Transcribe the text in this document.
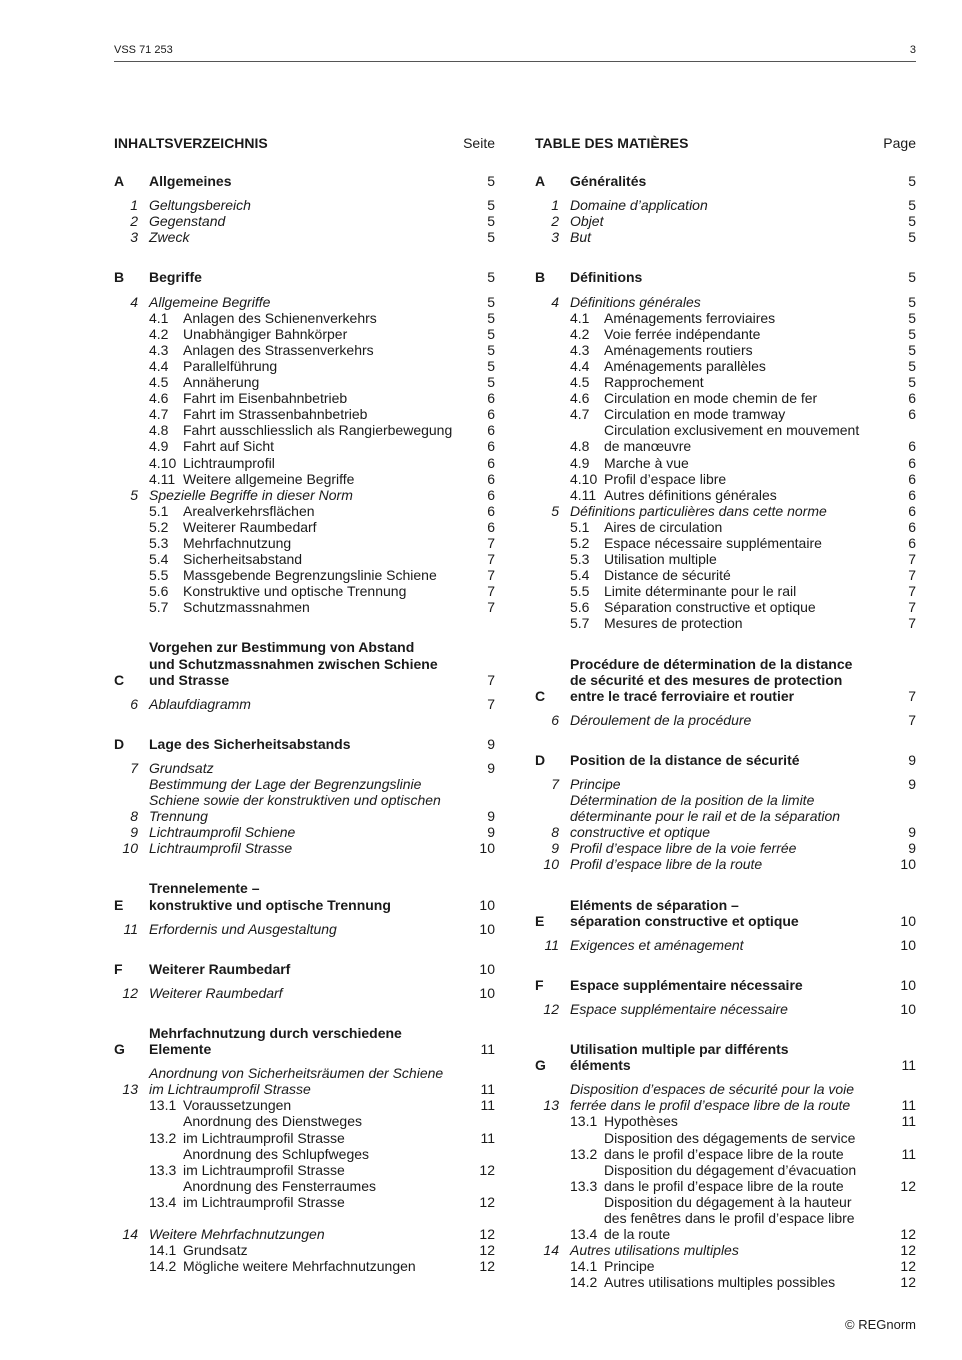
VSS 71 253	3
INHALTSVERZEICHNIS	Seite
A	Allgemeines	5
1 Geltungsbereich	5
2 Gegenstand	5
3 Zweck	5
B	Begriffe	5
4 Allgemeine Begriffe	5
4.1	Anlagen des Schienenverkehrs	5
4.2	Unabhängiger Bahnkörper	5
4.3	Anlagen des Strassenverkehrs	5
4.4	Parallelführung	5
4.5	Annäherung	5
4.6	Fahrt im Eisenbahnbetrieb	6
4.7	Fahrt im Strassenbahnbetrieb	6
4.8	Fahrt ausschliesslich als Rangierbewegung	6
4.9	Fahrt auf Sicht	6
4.10 Lichtraumprofil	6
4.11 Weitere allgemeine Begriffe	6
5 Spezielle Begriffe in dieser Norm	6
5.1	Arealverkehrsflächen	6
5.2	Weiterer Raumbedarf	6
5.3	Mehrfachnutzung	7
5.4	Sicherheitsabstand	7
5.5	Massgebende Begrenzungslinie Schiene	7
5.6	Konstruktive und optische Trennung	7
5.7	Schutzmassnahmen	7
C
Vorgehen zur Bestimmung von Abstand
und Schutzmassnahmen zwischen Schiene
und Strasse	7
6 Ablaufdiagramm	7
D	Lage des Sicherheitsabstands	9
7 Grundsatz	9
8
Bestimmung der Lage der Begrenzungslinie
Schiene sowie der konstruktiven und optischen
Trennung	9
9 Lichtraumprofil Schiene	9
10 Lichtraumprofil Strasse	10
E
Trennelemente –
konstruktive und optische Trennung	10
11 Erfordernis und Ausgestaltung	10
F	Weiterer Raumbedarf	10
12 Weiterer Raumbedarf	10
G
Mehrfachnutzung durch verschiedene
Elemente	11
13
Anordnung von Sicherheitsräumen der Schiene
im Lichtraumprofil Strasse	11
13.1 Voraussetzungen	11
13.2
Anordnung des Dienstweges
im Lichtraumprofil Strasse	11
13.3
Anordnung des Schlupfweges
im Lichtraumprofil Strasse	12
13.4
Anordnung des Fensterraumes
im Lichtraumprofil Strasse	12
14 Weitere Mehrfachnutzungen	12
14.1 Grundsatz	12
14.2 Mögliche weitere Mehrfachnutzungen	12
TABLE DES MATIÈRES	Page
A	Généralités	5
1 Domaine d’application	5
2 Objet	5
3 But	5
B	Définitions	5
4 Définitions générales	5
4.1	Aménagements ferroviaires	5
4.2	Voie ferrée indépendante	5
4.3	Aménagements routiers	5
4.4	Aménagements parallèles	5
4.5	Rapprochement	5
4.6	Circulation en mode chemin de fer	6
4.7	Circulation en mode tramway	6
4.8
Circulation exclusivement en mouvement
de manœuvre	6
4.9	Marche à vue	6
4.10 Profil d’espace libre	6
4.11 Autres définitions générales	6
5 Définitions particulières dans cette norme	6
5.1	Aires de circulation	6
5.2	Espace nécessaire supplémentaire	6
5.3	Utilisation multiple	7
5.4	Distance de sécurité	7
5.5	Limite déterminante pour le rail	7
5.6	Séparation constructive et optique	7
5.7	Mesures de protection	7
C
Procédure de détermination de la distance
de sécurité et des mesures de protection
entre le tracé ferroviaire et routier	7
6 Déroulement de la procédure	7
D	Position de la distance de sécurité	9
7 Principe	9
8
Détermination de la position de la limite
déterminante pour le rail et de la séparation
constructive et optique	9
9 Profil d’espace libre de la voie ferrée	9
10 Profil d’espace libre de la route	10
E
Eléments de séparation –
séparation constructive et optique	10
11 Exigences et aménagement	10
F	Espace supplémentaire nécessaire	10
12 Espace supplémentaire nécessaire	10
G
Utilisation multiple par différents
éléments	11
13
Disposition d’espaces de sécurité pour la voie
ferrée dans le profil d’espace libre de la route	11
13.1 Hypothèses	11
13.2
Disposition des dégagements de service
dans le profil d’espace libre de la route	11
13.3
Disposition du dégagement d’évacuation
dans le profil d’espace libre de la route	12
13.4
Disposition du dégagement à la hauteur
des fenêtres dans le profil d’espace libre
de la route	12
14 Autres utilisations multiples	12
14.1 Principe	12
14.2 Autres utilisations multiples possibles	12
© REGnorm
